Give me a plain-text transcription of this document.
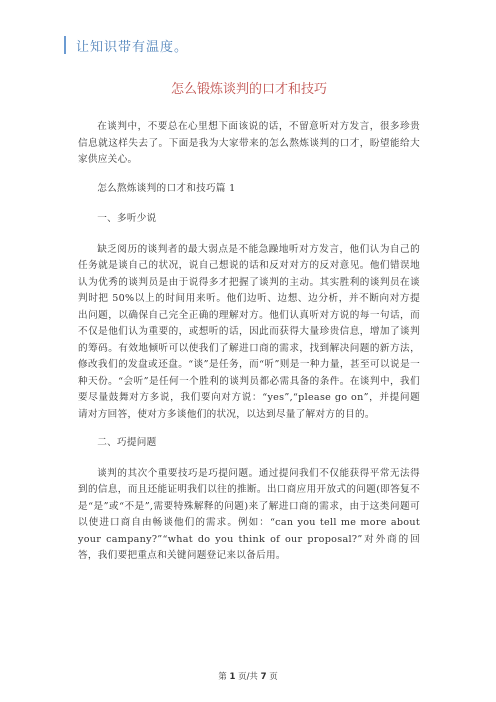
让知识带有温度。
怎么锻炼谈判的口才和技巧

在谈判中，不要总在心里想下面该说的话，不留意听对方发言，很多珍贵信息就这样失去了。下面是我为大家带来的怎么熬炼谈判的口才，盼望能给大家供应关心。

怎么熬炼谈判的口才和技巧篇 1

一、多听少说

缺乏阅历的谈判者的最大弱点是不能急躁地听对方发言，他们认为自己的任务就是谈自己的状况，说自己想说的话和反对对方的反对意见。他们错误地认为优秀的谈判员是由于说得多才把握了谈判的主动。其实胜利的谈判员在谈判时把 50%以上的时间用来听。他们边听、边想、边分析，并不断向对方提出问题，以确保自己完全正确的理解对方。他们认真听对方说的每一句话，而不仅是他们认为重要的，或想听的话，因此而获得大量珍贵信息，增加了谈判的筹码。有效地倾听可以使我们了解进口商的需求，找到解决问题的新方法，修改我们的发盘或还盘。“谈”是任务，而“听”则是一种力量，甚至可以说是一种天份。“会听”是任何一个胜利的谈判员都必需具备的条件。在谈判中，我们要尽量鼓舞对方多说，我们要向对方说：“yes”,“please go on”，并提问题请对方回答，使对方多谈他们的状况，以达到尽量了解对方的目的。

二、巧提问题

谈判的其次个重要技巧是巧提问题。通过提问我们不仅能获得平常无法得到的信息，而且还能证明我们以往的推断。出口商应用开放式的问题(即答复不是“是”或“不是”,需要特殊解释的问题)来了解进口商的需求，由于这类问题可以使进口商自由畅谈他们的需求。例如：“can you tell me more about your campany?”“what do you think of our proposal?”对外商的回答，我们要把重点和关键问题登记来以备后用。

第 1 页/共 7 页
